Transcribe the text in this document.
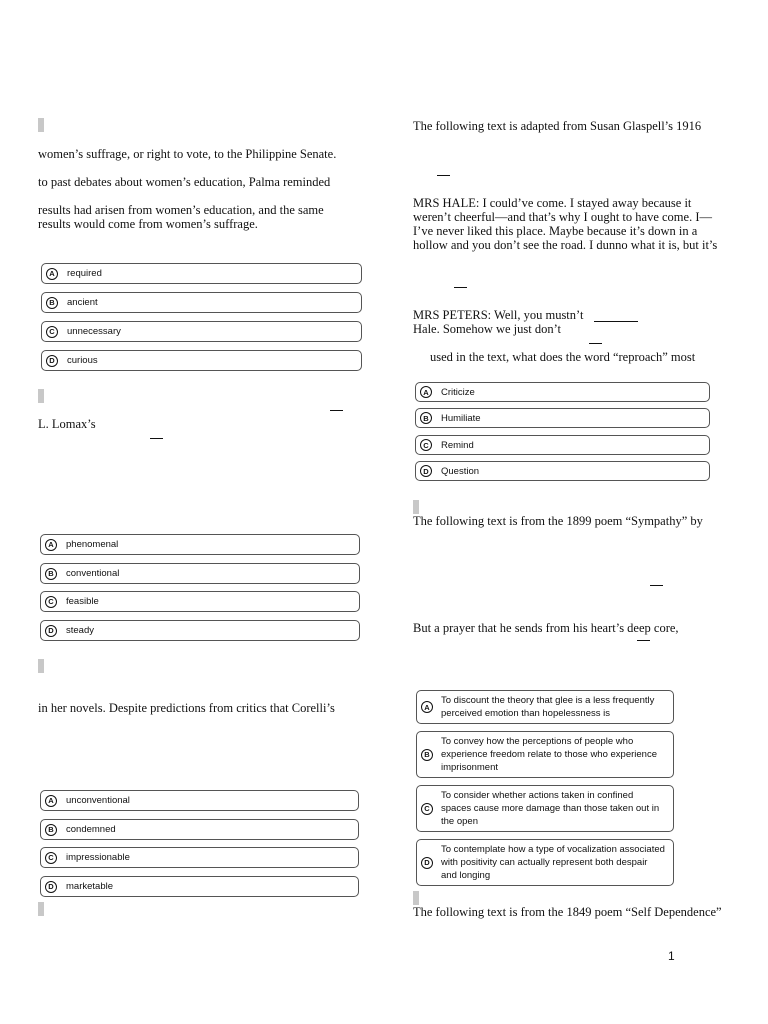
women’s suffrage, or right to vote, to the Philippine Senate.

to past debates about women’s education, Palma reminded

results had arisen from women’s education, and the same

results would come from women’s suffrage.

A	required
B	ancient
C	unnecessary
D	curious

L. Lomax’s

A	phenomenal
B	conventional
C	feasible
D	steady

in her novels. Despite predictions from critics that Corelli’s

A	unconventional
B	condemned
C	impressionable
D	marketable

The following text is adapted from Susan Glaspell’s 1916

MRS HALE: I could’ve come. I stayed away because it

weren’t cheerful—and that’s why I ought to have come. I—

I’ve never liked this place. Maybe because it’s down in a

hollow and you don’t see the road. I dunno what it is, but it’s

MRS PETERS: Well, you mustn’t

Hale. Somehow we just don’t

used in the text, what does the word “reproach” most

A	Criticize
B	Humiliate
C	Remind
D	Question

The following text is from the 1899 poem “Sympathy” by

But a prayer that he sends from his heart’s deep core,

A
To discount the theory that glee is a less frequently perceived emotion than hopelessness is
B
To convey how the perceptions of people who experience freedom relate to those who experience imprisonment
C
To consider whether actions taken in confined spaces cause more damage than those taken out in the open
D
To contemplate how a type of vocalization associated with positivity can actually represent both despair and longing

The following text is from the 1849 poem “Self Dependence”

1
